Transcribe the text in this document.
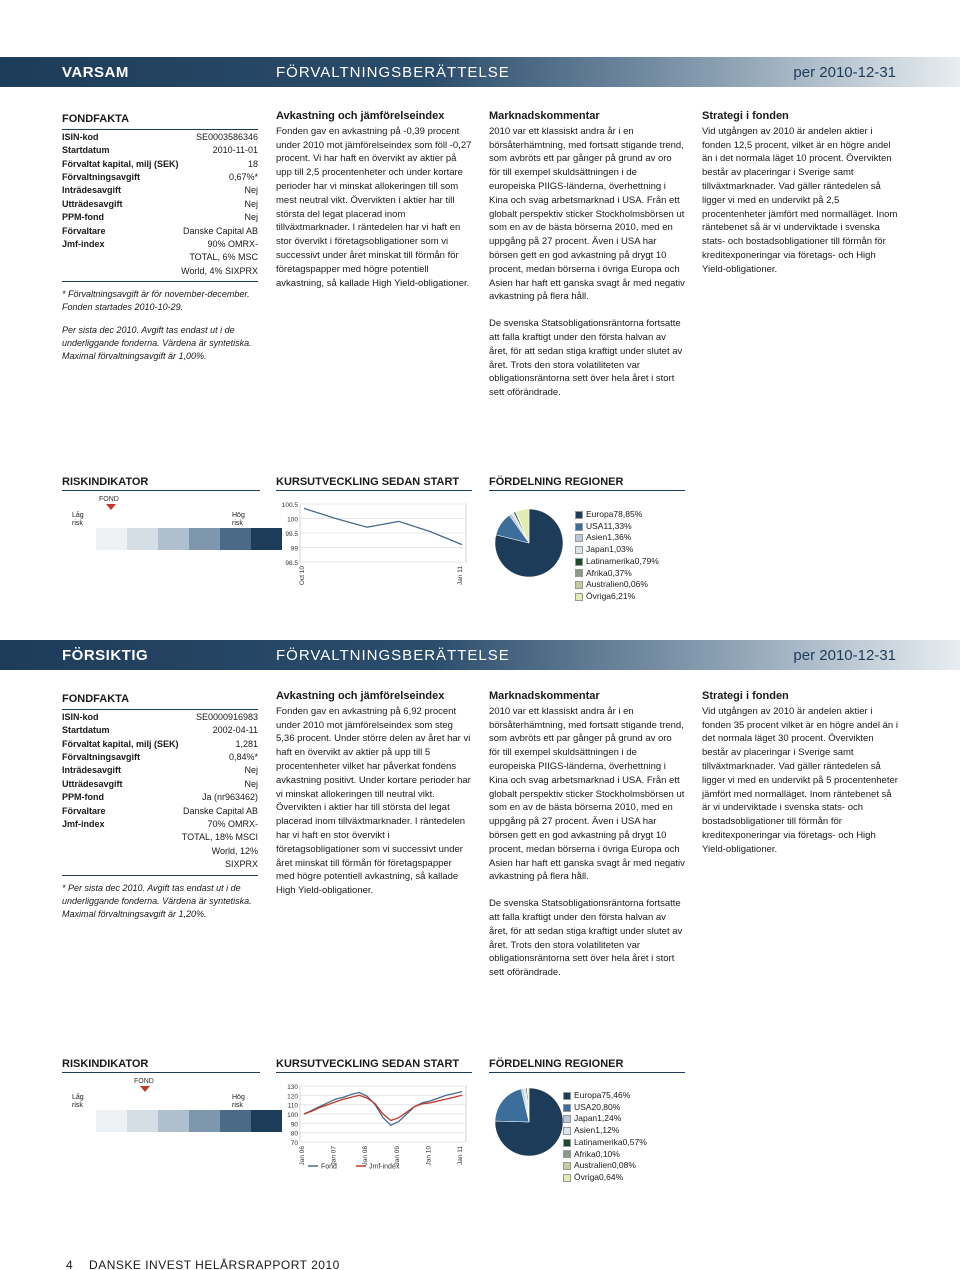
VARSAM	FÖRVALTNINGSBERÄTTELSE	per 2010-12-31
FONDFAKTA
ISIN-kod	SE0003586346
Startdatum	2010-11-01
Förvaltat kapital, milj (SEK)	18
Förvaltningsavgift	0,67%*
Inträdesavgift	Nej
Utträdesavgift	Nej
PPM-fond	Nej
Förvaltare	Danske Capital AB
Jmf-index	90% OMRX-TOTAL, 6% MSC
	World, 4% SIXPRX

* Förvaltningsavgift är för november-december. Fonden startades 2010-10-29.

Per sista dec 2010. Avgift tas endast ut i de underliggande fonderna. Värdena är syntetiska. Maximal förvaltningsavgift är 1,00%.

Avkastning och jämförelseindex

Fonden gav en avkastning på -0,39 procent under 2010 mot jämförelseindex som föll -0,27 procent. Vi har haft en övervikt av aktier på upp till 2,5 procentenheter och under kortare perioder har vi minskat allokeringen till som mest neutral vikt. Övervikten i aktier har till största del legat placerad inom tillväxtmarknader. I räntedelen har vi haft en stor övervikt i företagsobligationer som vi successivt under året minskat till förmån för företagspapper med högre potentiell avkastning, så kallade High Yield-obligationer.

Marknadskommentar

2010 var ett klassiskt andra år i en börsåterhämtning, med fortsatt stigande trend, som avbröts ett par gånger på grund av oro för till exempel skuldsättningen i de europeiska PIIGS-länderna, överhettning i Kina och svag arbetsmarknad i USA. Från ett globalt perspektiv sticker Stockholmsbörsen ut som en av de bästa börserna 2010, med en uppgång på 27 procent. Även i USA har börsen gett en god avkastning på drygt 10 procent, medan börserna i övriga Europa och Asien har haft ett ganska svagt år med negativ avkastning på flera håll.

De svenska Statsobligationsräntorna fortsatte att falla kraftigt under den första halvan av året, för att sedan stiga kraftigt under slutet av året. Trots den stora volatiliteten var obligationsräntorna sett över hela året i stort sett oförändrade.

Strategi i fonden

Vid utgången av 2010 är andelen aktier i fonden 12,5 procent, vilket är en högre andel än i det normala läget 10 procent. Övervikten består av placeringar i Sverige samt tillväxtmarknader. Vad gäller räntedelen så ligger vi med en undervikt på 2,5 procentenheter jämfört med normalläget. Inom räntebenet så är vi underviktade i svenska stats- och bostadsobligationer till förmån för kreditexponeringar via företags- och High Yield-obligationer.

RISKINDIKATOR
FOND
Låg risk
Hög risk
KURSUTVECKLING SEDAN START
100.5
100
99.5
99
98.5
Oct 10	Jan 11
FÖRDELNING REGIONER
Europa 78,85%
USA 11,33%
Asien 1,36%
Japan 1,03%
Latinamerika 0,79%
Afrika 0,37%
Australien 0,06%
Övriga 6,21%
FÖRSIKTIG	FÖRVALTNINGSBERÄTTELSE	per 2010-12-31
FONDFAKTA
ISIN-kod	SE0000916983
Startdatum	2002-04-11
Förvaltat kapital, milj (SEK)	1,281
Förvaltningsavgift	0,84%*
Inträdesavgift	Nej
Utträdesavgift	Nej
PPM-fond	Ja (nr963462)
Förvaltare	Danske Capital AB
Jmf-index	70% OMRX-TOTAL, 18% MSCI
	World, 12% SIXPRX

* Per sista dec 2010. Avgift tas endast ut i de underliggande fonderna. Värdena är syntetiska. Maximal förvaltningsavgift är 1,20%.

Avkastning och jämförelseindex

Fonden gav en avkastning på 6,92 procent under 2010 mot jämförelseindex som steg 5,36 procent. Under större delen av året har vi haft en övervikt av aktier på upp till 5 procentenheter vilket har påverkat fondens avkastning positivt. Under kortare perioder har vi minskat allokeringen till neutral vikt. Övervikten i aktier har till största del legat placerad inom tillväxtmarknader. I räntedelen har vi haft en stor övervikt i företagsobligationer som vi successivt under året minskat till förmån för företagspapper med högre potentiell avkastning, så kallade High Yield-obligationer.

Marknadskommentar

2010 var ett klassiskt andra år i en börsåterhämtning, med fortsatt stigande trend, som avbröts ett par gånger på grund av oro för till exempel skuldsättningen i de europeiska PIIGS-länderna, överhettning i Kina och svag arbetsmarknad i USA. Från ett globalt perspektiv sticker Stockholmsbörsen ut som en av de bästa börserna 2010, med en uppgång på 27 procent. Även i USA har börsen gett en god avkastning på drygt 10 procent, medan börserna i övriga Europa och Asien har haft ett ganska svagt år med negativ avkastning på flera håll.

De svenska Statsobligationsräntorna fortsatte att falla kraftigt under den första halvan av året, för att sedan stiga kraftigt under slutet av året. Trots den stora volatiliteten var obligationsräntorna sett över hela året i stort sett oförändrade.

Strategi i fonden

Vid utgången av 2010 är andelen aktier i fonden 35 procent vilket är en högre andel än i det normala läget 30 procent. Övervikten består av placeringar i Sverige samt tillväxtmarknader. Vad gäller räntedelen så ligger vi med en undervikt på 5 procentenheter jämfört med normalläget. Inom räntebenet så är vi underviktade i svenska stats- och bostadsobligationer till förmån för kreditexponeringar via företags- och High Yield-obligationer.

RISKINDIKATOR
FOND
Låg risk
Hög risk
KURSUTVECKLING SEDAN START
130
120
110
100
90
80
70
Jan 06	Jan 07	Jan 08	Jan 09	Jan 10	Jan 11
Fond	Jmf-index
FÖRDELNING REGIONER
Europa 75,46%
USA 20,80%
Japan 1,24%
Asien 1,12%
Latinamerika 0,57%
Afrika 0,10%
Australien 0,08%
Övriga 0,64%
4 DANSKE INVEST HELÅRSRAPPORT 2010
